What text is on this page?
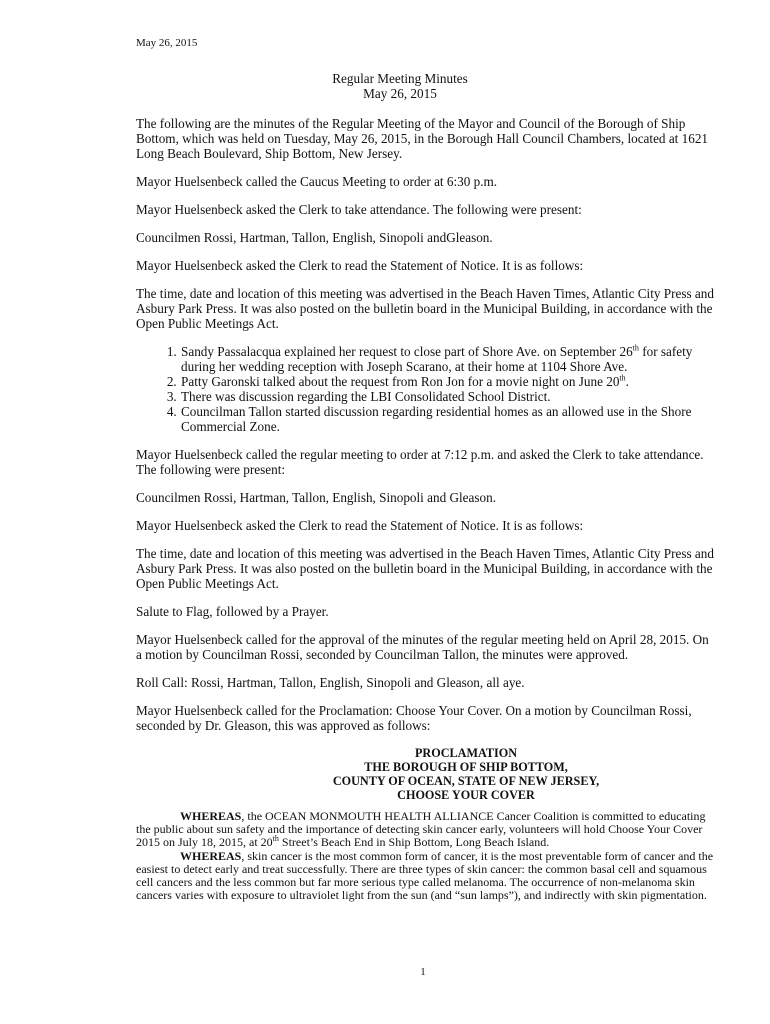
May 26, 2015
Regular Meeting Minutes
May 26, 2015

The following are the minutes of the Regular Meeting of the Mayor and Council of the Borough of Ship Bottom, which was held on Tuesday, May 26, 2015, in the Borough Hall Council Chambers, located at 1621 Long Beach Boulevard, Ship Bottom, New Jersey.

Mayor Huelsenbeck called the Caucus Meeting to order at 6:30 p.m.

Mayor Huelsenbeck asked the Clerk to take attendance. The following were present:

Councilmen Rossi, Hartman, Tallon, English, Sinopoli andGleason.

Mayor Huelsenbeck asked the Clerk to read the Statement of Notice. It is as follows:

The time, date and location of this meeting was advertised in the Beach Haven Times, Atlantic City Press and Asbury Park Press. It was also posted on the bulletin board in the Municipal Building, in accordance with the Open Public Meetings Act.

1. Sandy Passalacqua explained her request to close part of Shore Ave. on September 26th for safety during her wedding reception with Joseph Scarano, at their home at 1104 Shore Ave.
2. Patty Garonski talked about the request from Ron Jon for a movie night on June 20th.
3. There was discussion regarding the LBI Consolidated School District.
4. Councilman Tallon started discussion regarding residential homes as an allowed use in the Shore Commercial Zone.

Mayor Huelsenbeck called the regular meeting to order at 7:12 p.m. and asked the Clerk to take attendance. The following were present:

Councilmen Rossi, Hartman, Tallon, English, Sinopoli and Gleason.

Mayor Huelsenbeck asked the Clerk to read the Statement of Notice. It is as follows:

The time, date and location of this meeting was advertised in the Beach Haven Times, Atlantic City Press and Asbury Park Press. It was also posted on the bulletin board in the Municipal Building, in accordance with the Open Public Meetings Act.

Salute to Flag, followed by a Prayer.

Mayor Huelsenbeck called for the approval of the minutes of the regular meeting held on April 28, 2015. On a motion by Councilman Rossi, seconded by Councilman Tallon, the minutes were approved.

Roll Call: Rossi, Hartman, Tallon, English, Sinopoli and Gleason, all aye.

Mayor Huelsenbeck called for the Proclamation: Choose Your Cover. On a motion by Councilman Rossi, seconded by Dr. Gleason, this was approved as follows:

PROCLAMATION
THE BOROUGH OF SHIP BOTTOM,
COUNTY OF OCEAN, STATE OF NEW JERSEY,
CHOOSE YOUR COVER

WHEREAS, the OCEAN MONMOUTH HEALTH ALLIANCE Cancer Coalition is committed to educating the public about sun safety and the importance of detecting skin cancer early, volunteers will hold Choose Your Cover 2015 on July 18, 2015, at 20th Street’s Beach End in Ship Bottom, Long Beach Island.

WHEREAS, skin cancer is the most common form of cancer, it is the most preventable form of cancer and the easiest to detect early and treat successfully. There are three types of skin cancer: the common basal cell and squamous cell cancers and the less common but far more serious type called melanoma. The occurrence of non-melanoma skin cancers varies with exposure to ultraviolet light from the sun (and “sun lamps”), and indirectly with skin pigmentation.

1
